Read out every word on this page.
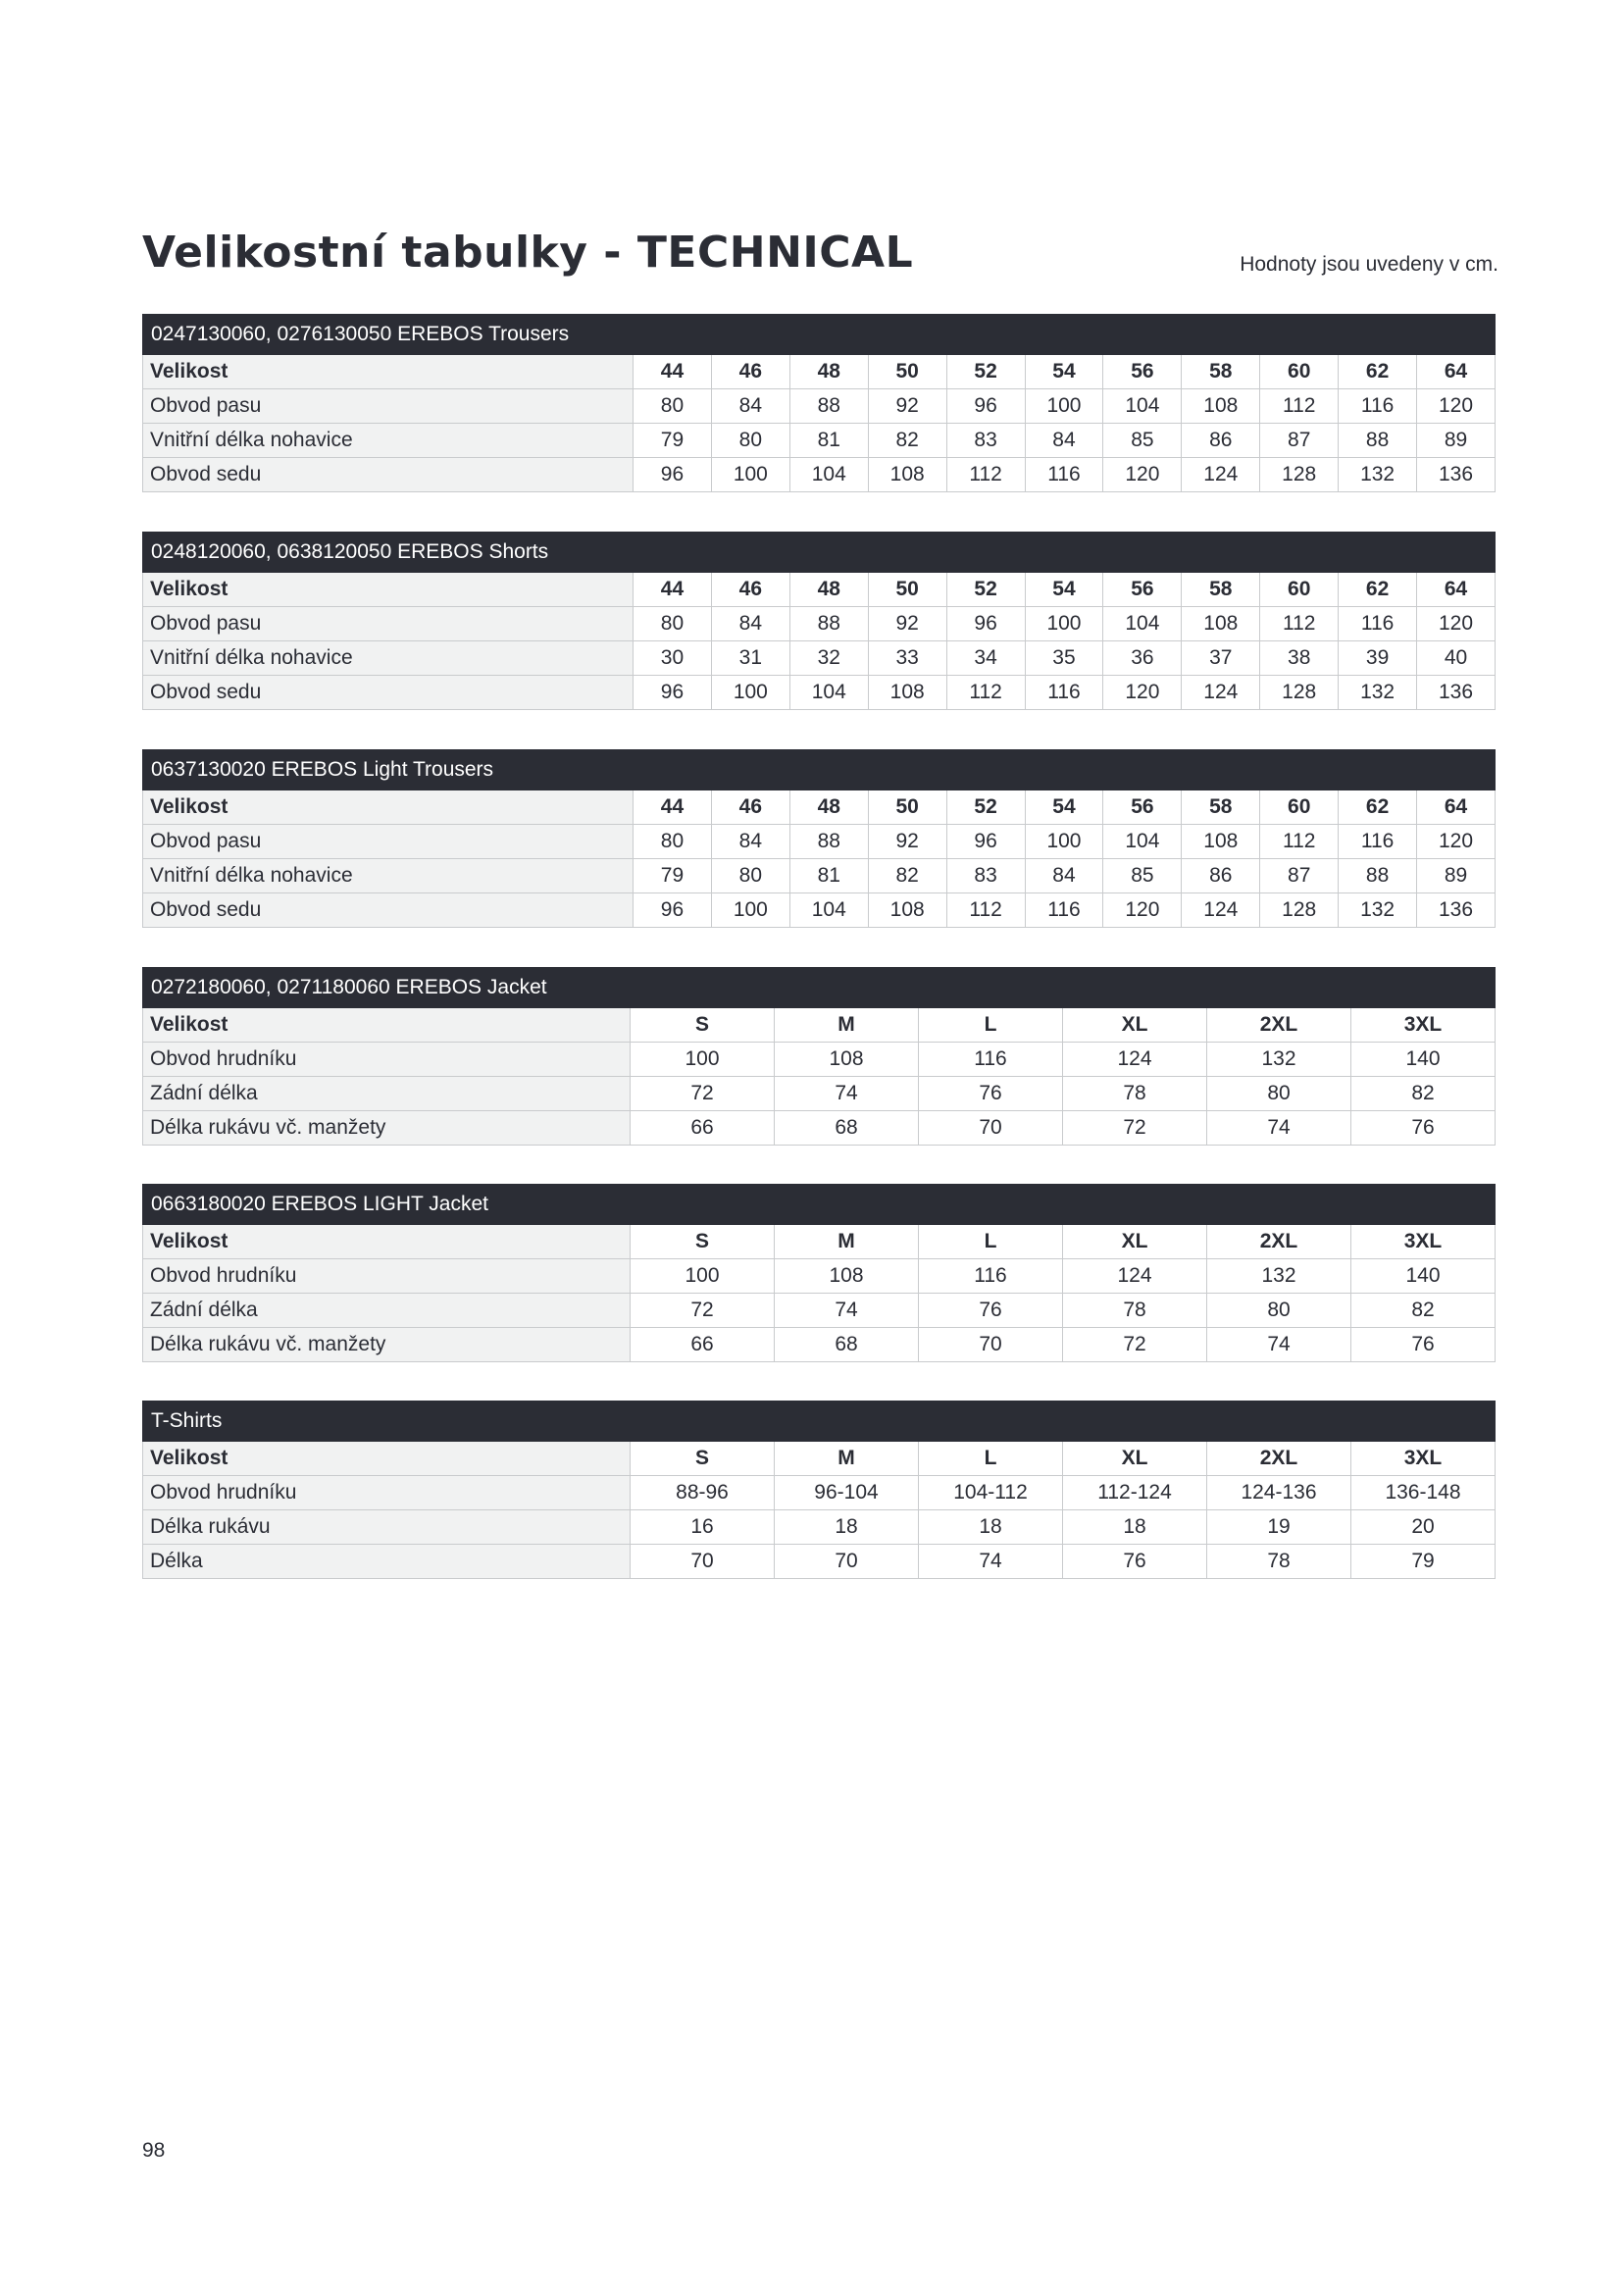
Velikostní tabulky - TECHNICAL	Hodnoty jsou uvedeny v cm.
0247130060, 0276130050 EREBOS Trousers											
Velikost	44	46	48	50	52	54	56	58	60	62	64
Obvod pasu	80	84	88	92	96	100	104	108	112	116	120
Vnitřní délka nohavice	79	80	81	82	83	84	85	86	87	88	89
Obvod sedu	96	100	104	108	112	116	120	124	128	132	136
0248120060, 0638120050 EREBOS Shorts											
Velikost	44	46	48	50	52	54	56	58	60	62	64
Obvod pasu	80	84	88	92	96	100	104	108	112	116	120
Vnitřní délka nohavice	30	31	32	33	34	35	36	37	38	39	40
Obvod sedu	96	100	104	108	112	116	120	124	128	132	136
0637130020 EREBOS Light Trousers											
Velikost	44	46	48	50	52	54	56	58	60	62	64
Obvod pasu	80	84	88	92	96	100	104	108	112	116	120
Vnitřní délka nohavice	79	80	81	82	83	84	85	86	87	88	89
Obvod sedu	96	100	104	108	112	116	120	124	128	132	136
0272180060, 0271180060 EREBOS Jacket						
Velikost	S	M	L	XL	2XL	3XL
Obvod hrudníku	100	108	116	124	132	140
Zádní délka	72	74	76	78	80	82
Délka rukávu vč. manžety	66	68	70	72	74	76
0663180020 EREBOS LIGHT Jacket						
Velikost	S	M	L	XL	2XL	3XL
Obvod hrudníku	100	108	116	124	132	140
Zádní délka	72	74	76	78	80	82
Délka rukávu vč. manžety	66	68	70	72	74	76
T-Shirts						
Velikost	S	M	L	XL	2XL	3XL
Obvod hrudníku	88-96	96-104	104-112	112-124	124-136	136-148
Délka rukávu	16	18	18	18	19	20
Délka	70	70	74	76	78	79
98
